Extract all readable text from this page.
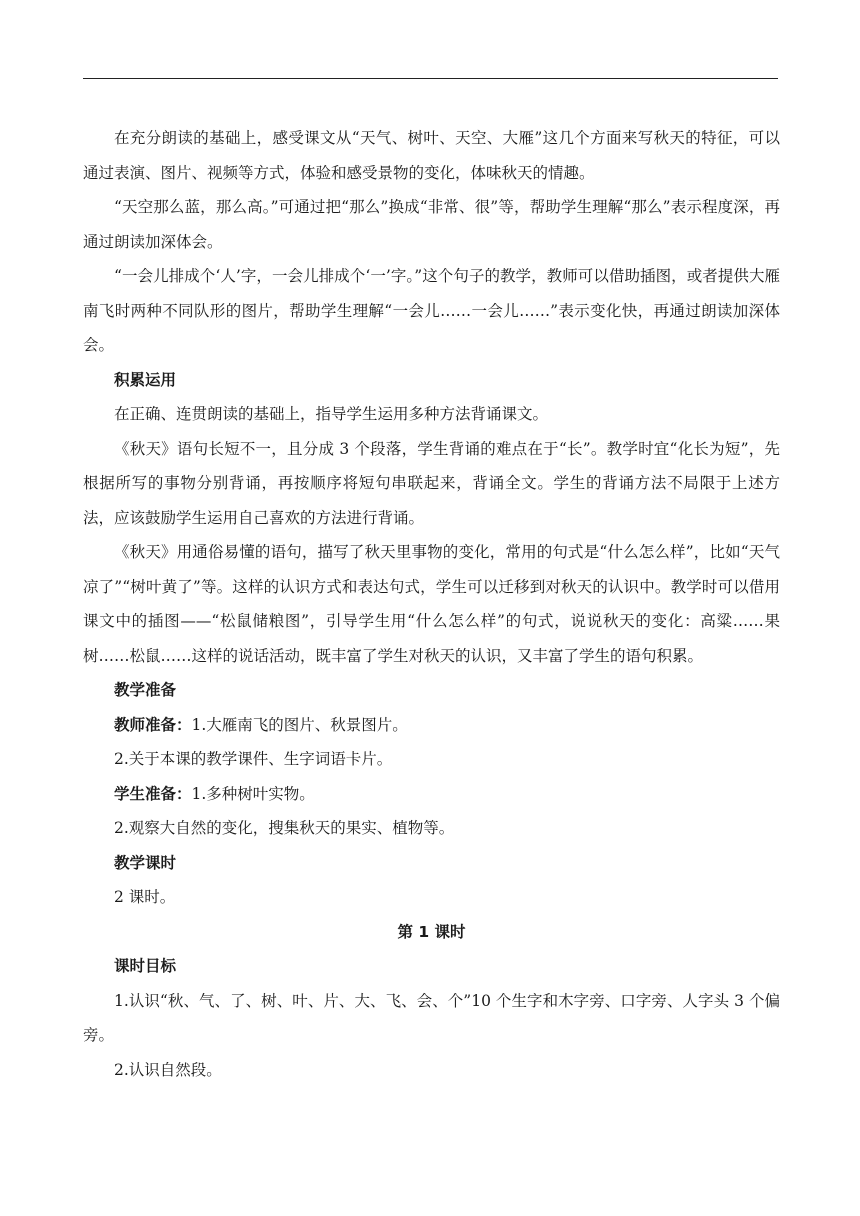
在充分朗读的基础上，感受课文从“天气、树叶、天空、大雁”这几个方面来写秋天的特征，可以通过表演、图片、视频等方式，体验和感受景物的变化，体味秋天的情趣。

“天空那么蓝，那么高。”可通过把“那么”换成“非常、很”等，帮助学生理解“那么”表示程度深，再通过朗读加深体会。

“一会儿排成个‘人’字，一会儿排成个‘一’字。”这个句子的教学，教师可以借助插图，或者提供大雁南飞时两种不同队形的图片，帮助学生理解“一会儿……一会儿……”表示变化快，再通过朗读加深体会。

积累运用

在正确、连贯朗读的基础上，指导学生运用多种方法背诵课文。

《秋天》语句长短不一，且分成 3 个段落，学生背诵的难点在于“长”。教学时宜“化长为短”，先根据所写的事物分别背诵，再按顺序将短句串联起来，背诵全文。学生的背诵方法不局限于上述方法，应该鼓励学生运用自己喜欢的方法进行背诵。

《秋天》用通俗易懂的语句，描写了秋天里事物的变化，常用的句式是“什么怎么样”，比如“天气凉了”“树叶黄了”等。这样的认识方式和表达句式，学生可以迁移到对秋天的认识中。教学时可以借用课文中的插图——“松鼠储粮图”，引导学生用“什么怎么样”的句式，说说秋天的变化：高粱……果树……松鼠……这样的说话活动，既丰富了学生对秋天的认识，又丰富了学生的语句积累。

教学准备

教师准备：1.大雁南飞的图片、秋景图片。

2.关于本课的教学课件、生字词语卡片。

学生准备：1.多种树叶实物。

2.观察大自然的变化，搜集秋天的果实、植物等。

教学课时

2 课时。

第 1 课时

课时目标

1.认识“秋、气、了、树、叶、片、大、飞、会、个”10 个生字和木字旁、口字旁、人字头 3 个偏旁。

2.认识自然段。
